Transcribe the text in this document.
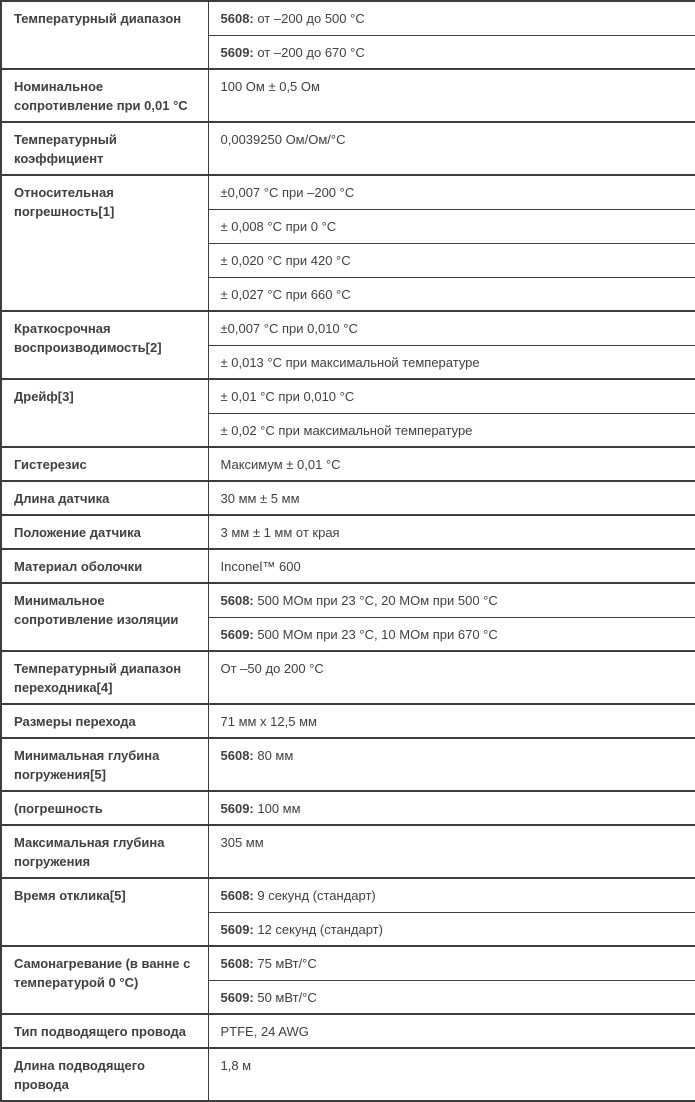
Температурный диапазон	5608: от –200 до 500 °C
	5609: от –200 до 670 °C
Номинальное сопротивление при 0,01 °C	100 Ом ± 0,5 Ом
Температурный коэффициент	0,0039250 Ом/Ом/°C
Относительная погрешность[1]	±0,007 °C при –200 °C
	± 0,008 °C при 0 °C
	± 0,020 °C при 420 °C
	± 0,027 °C при 660 °C
Краткосрочная воспроизводимость[2]	±0,007 °C при 0,010 °C
	± 0,013 °C при максимальной температуре
Дрейф[3]	± 0,01 °C при 0,010 °C
	± 0,02 °C при максимальной температуре
Гистерезис	Максимум ± 0,01 °C
Длина датчика	30 мм ± 5 мм
Положение датчика	3 мм ± 1 мм от края
Материал оболочки	Inconel™ 600
Минимальное сопротивление изоляции	5608: 500 МОм при 23 °C, 20 МОм при 500 °C
	5609: 500 МОм при 23 °C, 10 МОм при 670 °C
Температурный диапазон переходника[4]	От –50 до 200 °C
Размеры перехода	71 мм x 12,5 мм
Минимальная глубина погружения[5]	5608: 80 мм
(погрешность	5609: 100 мм
Максимальная глубина погружения	305 мм
Время отклика[5]	5608: 9 секунд (стандарт)
	5609: 12 секунд (стандарт)
Самонагревание (в ванне с температурой 0 °C)	5608: 75 мВт/°C
	5609: 50 мВт/°C
Тип подводящего провода	PTFE, 24 AWG
Длина подводящего провода	1,8 м
